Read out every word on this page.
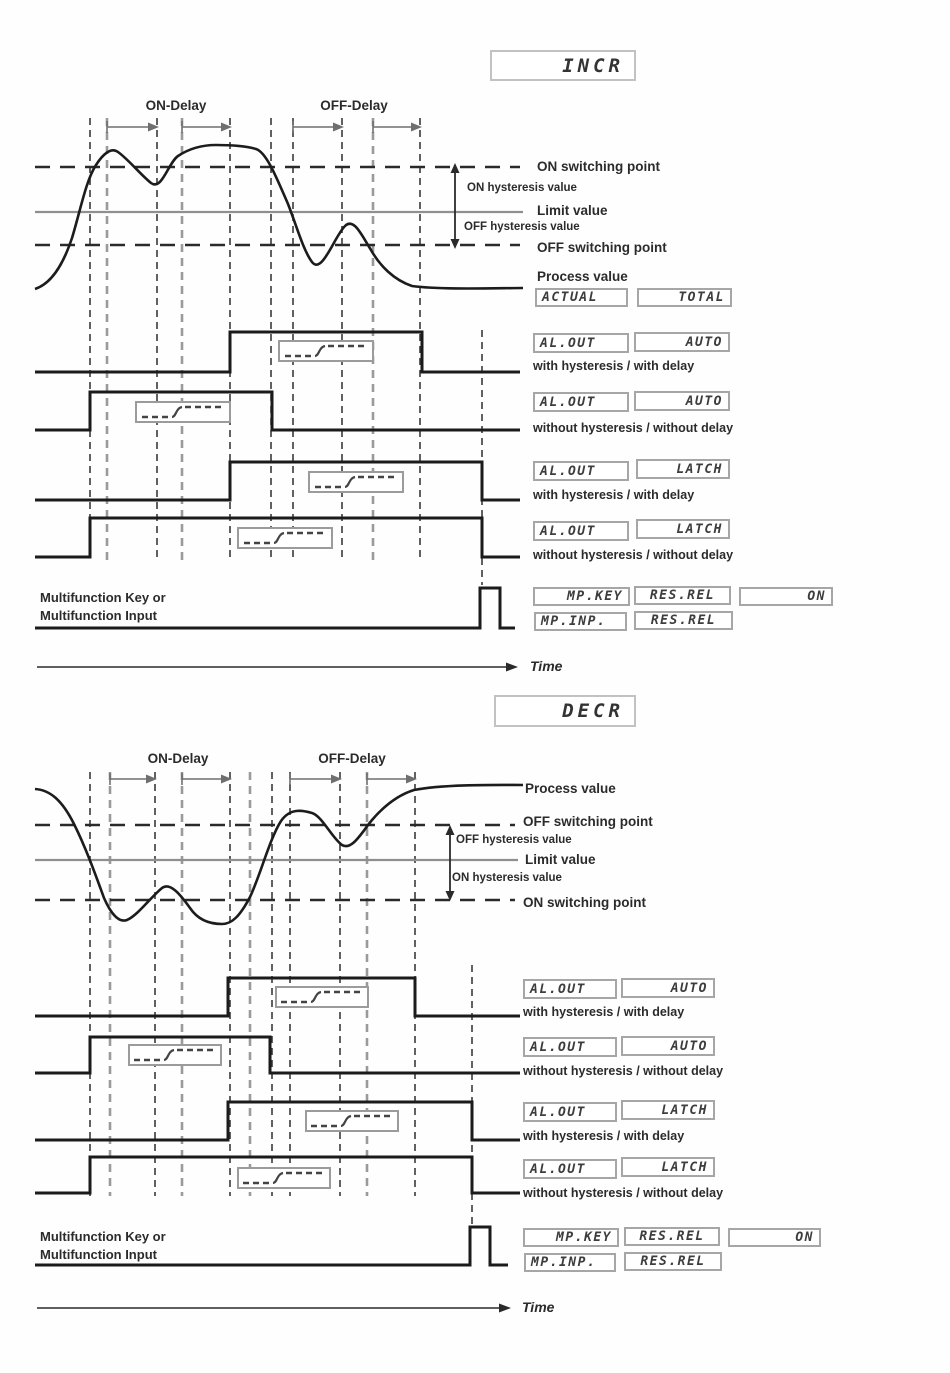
INCR
ON-Delay	OFF-Delay
ON switching point
ON hysteresis value
Limit value
OFF hysteresis value
OFF switching point
Process value
ACTUAL	TOTAL
AL.OUT	AUTO
with hysteresis / with delay
AL.OUT	AUTO
without hysteresis / without delay
AL.OUT	LATCH
with hysteresis / with delay
AL.OUT	LATCH
without hysteresis / without delay
Multifunction Key or
Multifunction Input
MP.KEY	RES.REL	ON
MP.INP.	RES.REL
Time
DECR
ON-Delay	OFF-Delay
Process value
OFF switching point
OFF hysteresis value
Limit value
ON hysteresis value
ON switching point
AL.OUT	AUTO
with hysteresis / with delay
AL.OUT	AUTO
without hysteresis / without delay
AL.OUT	LATCH
with hysteresis / with delay
AL.OUT	LATCH
without hysteresis / without delay
Multifunction Key or
Multifunction Input
MP.KEY	RES.REL	ON
MP.INP.	RES.REL
Time
